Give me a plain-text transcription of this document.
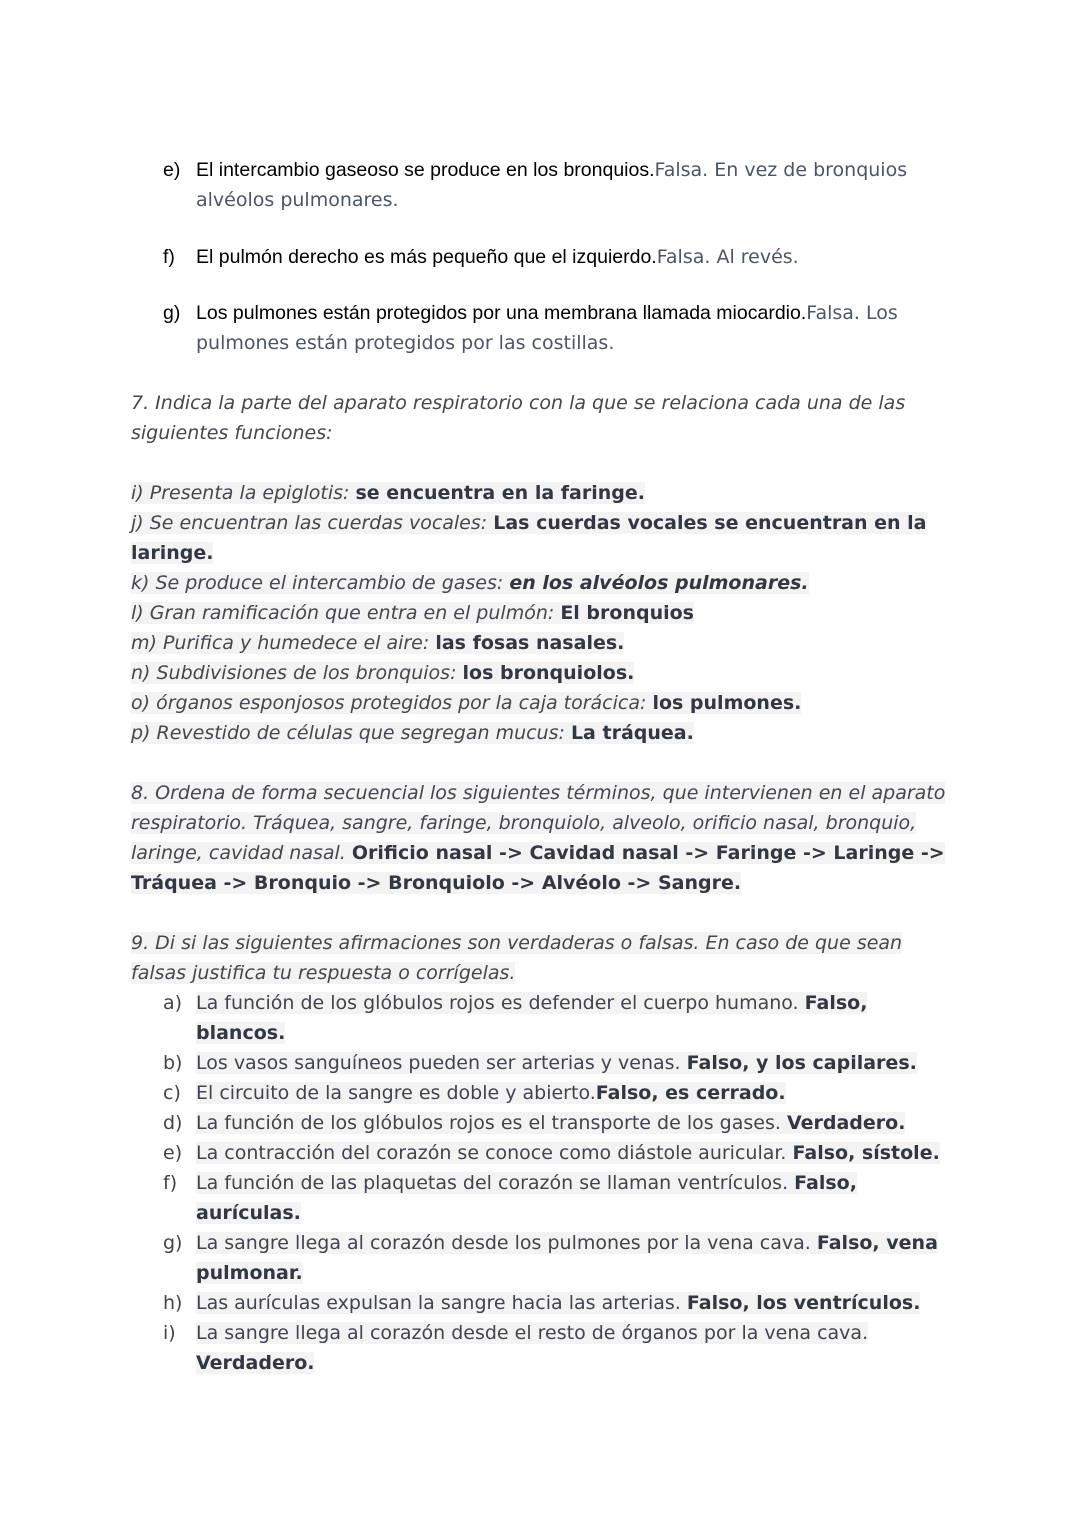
e) El intercambio gaseoso se produce en los bronquios.Falsa. En vez de bronquios
alvéolos pulmonares.
f) El pulmón derecho es más pequeño que el izquierdo.Falsa. Al revés.
g) Los pulmones están protegidos por una membrana llamada miocardio.Falsa. Los
pulmones están protegidos por las costillas.
7. Indica la parte del aparato respiratorio con la que se relaciona cada una de las
siguientes funciones:
i) Presenta la epiglotis: se encuentra en la faringe.
j) Se encuentran las cuerdas vocales: Las cuerdas vocales se encuentran en la
laringe.
k) Se produce el intercambio de gases: en los alvéolos pulmonares.
l) Gran ramificación que entra en el pulmón: El bronquios
m) Purifica y humedece el aire: las fosas nasales.
n) Subdivisiones de los bronquios: los bronquiolos.
o) órganos esponjosos protegidos por la caja torácica: los pulmones.
p) Revestido de células que segregan mucus: La tráquea.
8. Ordena de forma secuencial los siguientes términos, que intervienen en el aparato
respiratorio. Tráquea, sangre, faringe, bronquiolo, alveolo, orificio nasal, bronquio,
laringe, cavidad nasal. Orificio nasal -> Cavidad nasal -> Faringe -> Laringe ->
Tráquea -> Bronquio -> Bronquiolo -> Alvéolo -> Sangre.
9. Di si las siguientes afirmaciones son verdaderas o falsas. En caso de que sean
falsas justifica tu respuesta o corrígelas.
a) La función de los glóbulos rojos es defender el cuerpo humano. Falso,
blancos.
b) Los vasos sanguíneos pueden ser arterias y venas. Falso, y los capilares.
c) El circuito de la sangre es doble y abierto.Falso, es cerrado.
d) La función de los glóbulos rojos es el transporte de los gases. Verdadero.
e) La contracción del corazón se conoce como diástole auricular. Falso, sístole.
f) La función de las plaquetas del corazón se llaman ventrículos. Falso,
aurículas.
g) La sangre llega al corazón desde los pulmones por la vena cava. Falso, vena
pulmonar.
h) Las aurículas expulsan la sangre hacia las arterias. Falso, los ventrículos.
i) La sangre llega al corazón desde el resto de órganos por la vena cava.
Verdadero.
